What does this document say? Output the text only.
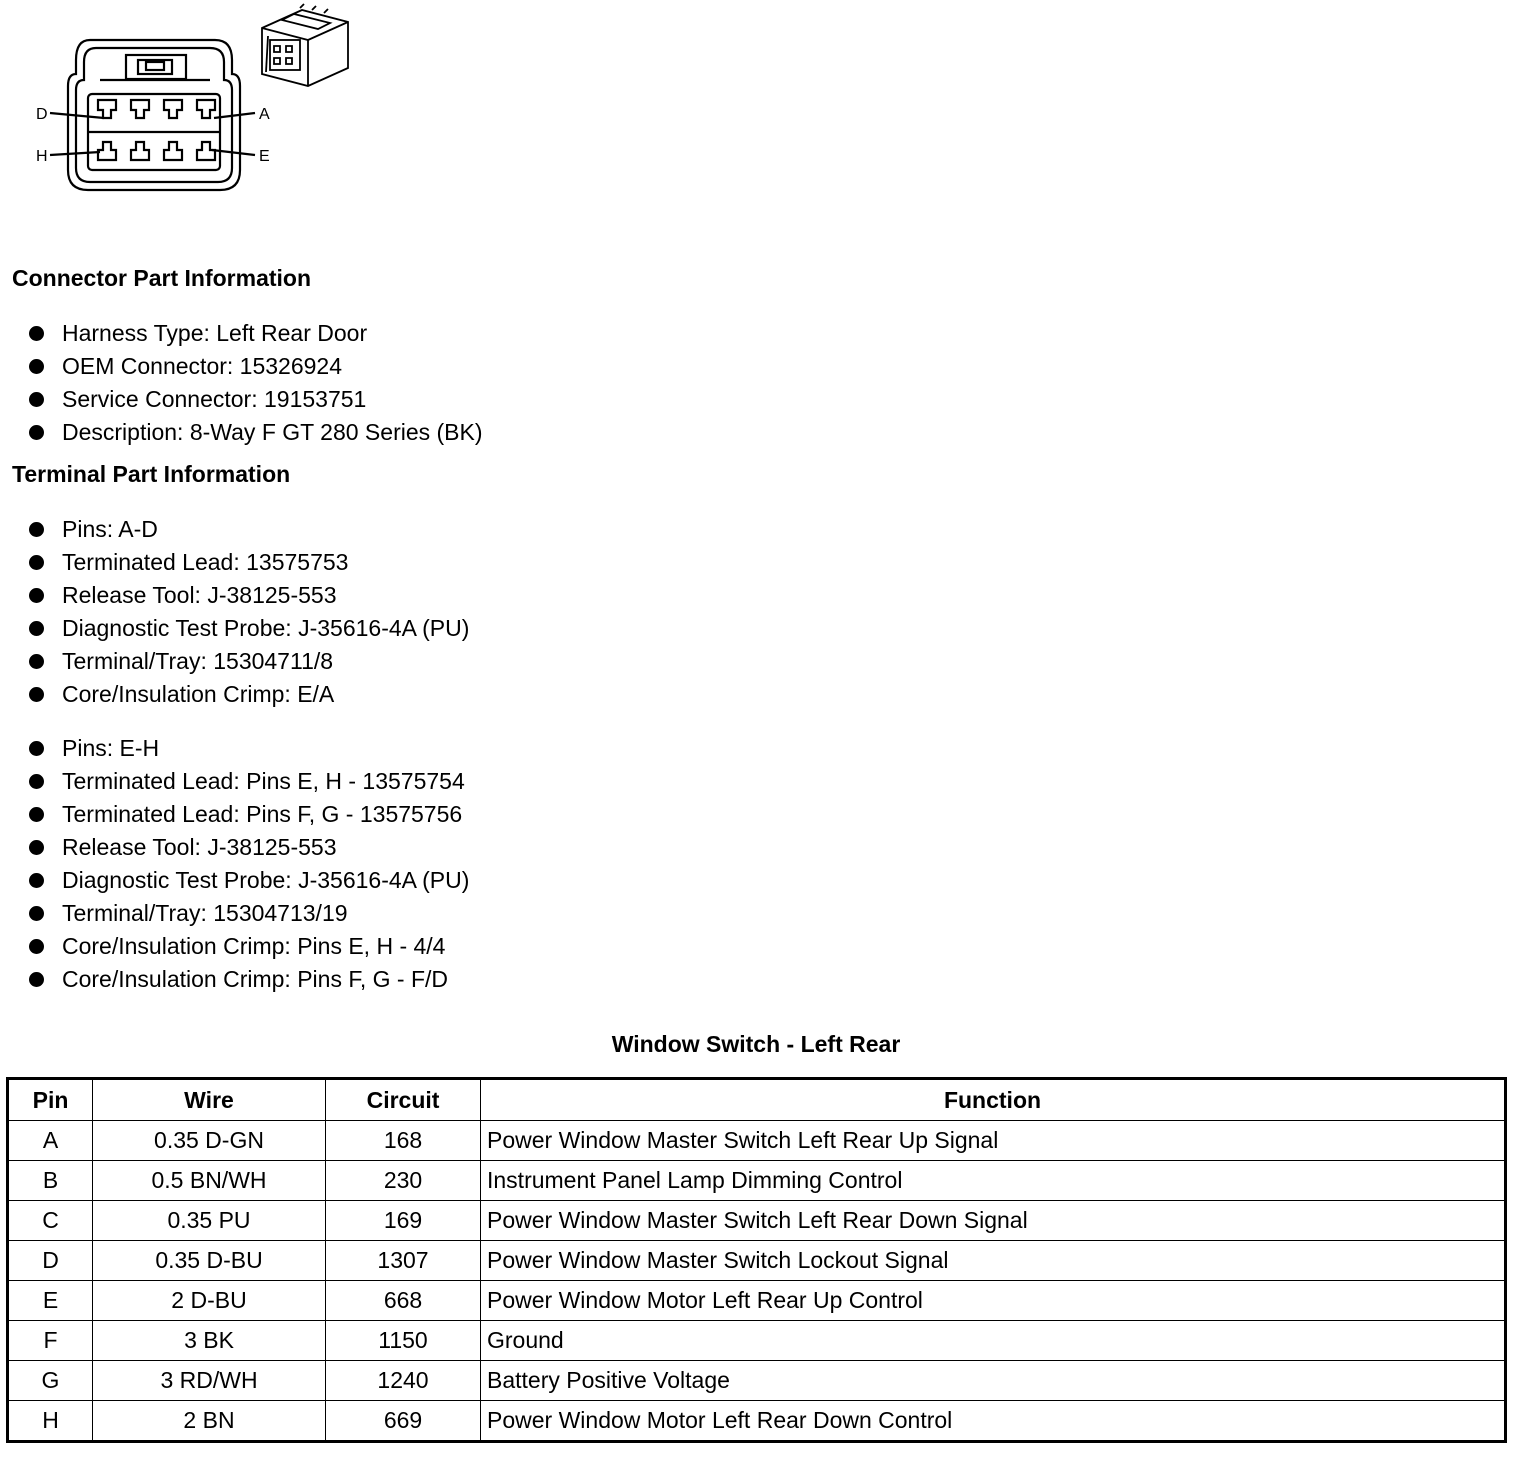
D	A
H	E
Connector Part Information
Harness Type: Left Rear Door
OEM Connector: 15326924
Service Connector: 19153751
Description: 8-Way F GT 280 Series (BK)
Terminal Part Information
Pins: A-D
Terminated Lead: 13575753
Release Tool: J-38125-553
Diagnostic Test Probe: J-35616-4A (PU)
Terminal/Tray: 15304711/8
Core/Insulation Crimp: E/A
Pins: E-H
Terminated Lead: Pins E, H - 13575754
Terminated Lead: Pins F, G - 13575756
Release Tool: J-38125-553
Diagnostic Test Probe: J-35616-4A (PU)
Terminal/Tray: 15304713/19
Core/Insulation Crimp: Pins E, H - 4/4
Core/Insulation Crimp: Pins F, G - F/D
Window Switch - Left Rear
Pin	Wire	Circuit	Function
A	0.35 D-GN	168	Power Window Master Switch Left Rear Up Signal
B	0.5 BN/WH	230	Instrument Panel Lamp Dimming Control
C	0.35 PU	169	Power Window Master Switch Left Rear Down Signal
D	0.35 D-BU	1307	Power Window Master Switch Lockout Signal
E	2 D-BU	668	Power Window Motor Left Rear Up Control
F	3 BK	1150	Ground
G	3 RD/WH	1240	Battery Positive Voltage
H	2 BN	669	Power Window Motor Left Rear Down Control
